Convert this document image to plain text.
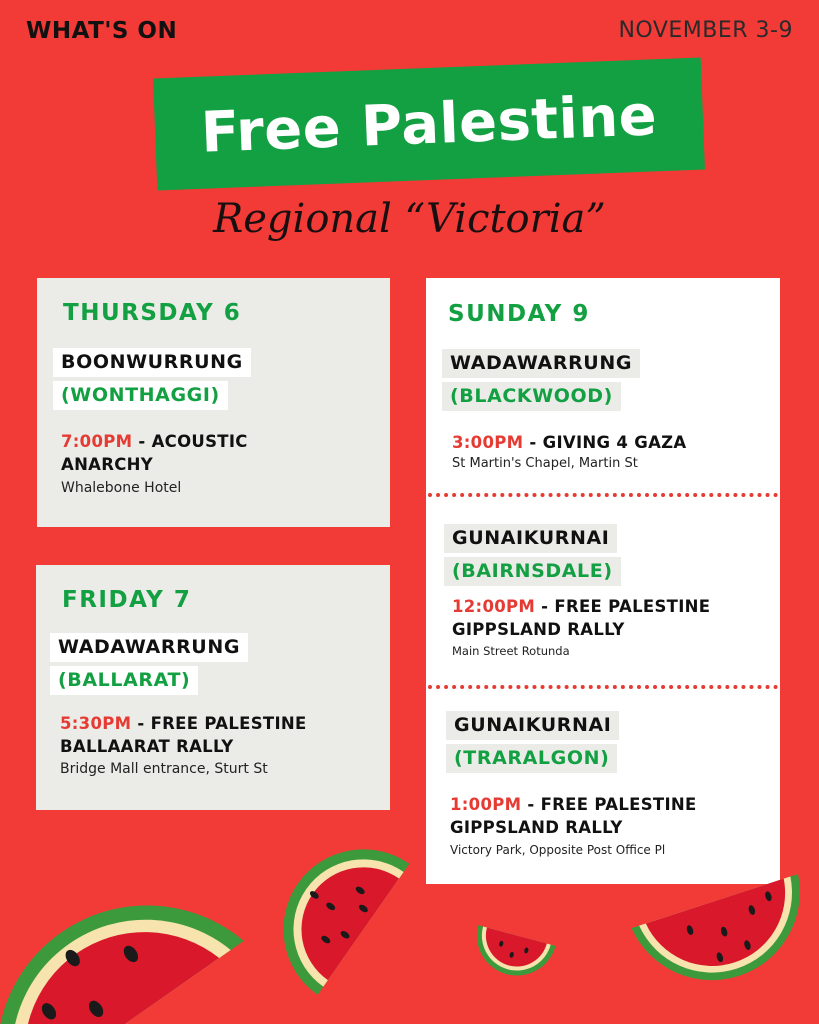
WHAT'S ON	NOVEMBER 3-9
Free Palestine
Regional “Victoria”
THURSDAY 6
BOONWURRUNG
(WONTHAGGI)
7:00PM - ACOUSTIC
ANARCHY
Whalebone Hotel
FRIDAY 7
WADAWARRUNG
(BALLARAT)
5:30PM - FREE PALESTINE
BALLAARAT RALLY
Bridge Mall entrance, Sturt St
SUNDAY 9
WADAWARRUNG
(BLACKWOOD)
3:00PM - GIVING 4 GAZA
St Martin's Chapel, Martin St
GUNAIKURNAI
(BAIRNSDALE)
12:00PM - FREE PALESTINE
GIPPSLAND RALLY
Main Street Rotunda
GUNAIKURNAI
(TRARALGON)
1:00PM - FREE PALESTINE
GIPPSLAND RALLY
Victory Park, Opposite Post Office Pl
